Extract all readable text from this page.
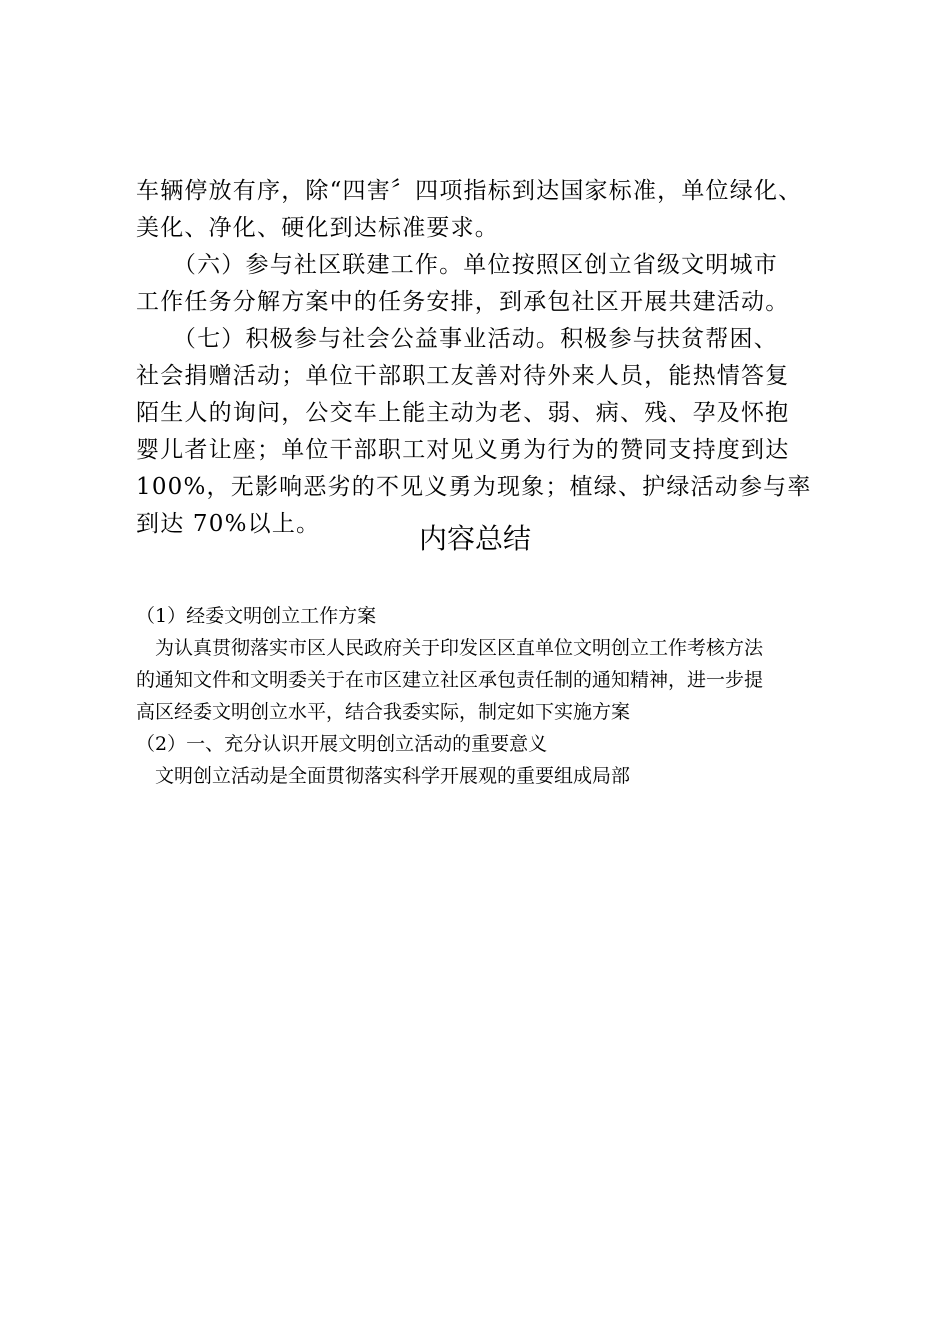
车辆停放有序，除“四害〞四项指标到达国家标准，单位绿化、
美化、净化、硬化到达标准要求。
　　（六）参与社区联建工作。单位按照区创立省级文明城市
工作任务分解方案中的任务安排，到承包社区开展共建活动。
　　（七）积极参与社会公益事业活动。积极参与扶贫帮困、
社会捐赠活动；单位干部职工友善对待外来人员，能热情答复
陌生人的询问，公交车上能主动为老、弱、病、残、孕及怀抱
婴儿者让座；单位干部职工对见义勇为行为的赞同支持度到达
100%，无影响恶劣的不见义勇为现象；植绿、护绿活动参与率
到达 70%以上。	内容总结
（1）经委文明创立工作方案
　为认真贯彻落实市区人民政府关于印发区区直单位文明创立工作考核方法
的通知文件和文明委关于在市区建立社区承包责任制的通知精神，进一步提
高区经委文明创立水平，结合我委实际，制定如下实施方案
（2）一、充分认识开展文明创立活动的重要意义
　文明创立活动是全面贯彻落实科学开展观的重要组成局部
